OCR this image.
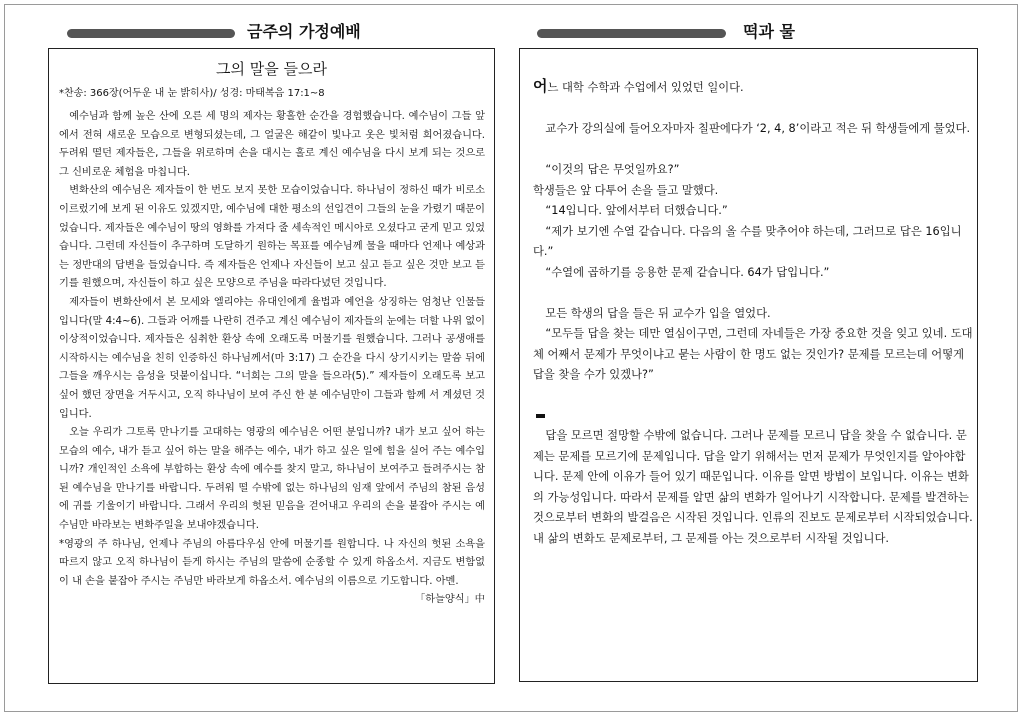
금주의 가정예배	떡과 물
그의 말을 들으라
*찬송: 366장(어두운 내 눈 밝히사)/ 성경: 마태복음 17:1~8

예수님과 함께 높은 산에 오른 세 명의 제자는 황홀한 순간을 경험했습니다. 예수님이 그들 앞에서 전혀 새로운 모습으로 변형되셨는데, 그 얼굴은 해같이 빛나고 옷은 빛처럼 희어졌습니다. 두려워 떨던 제자들은, 그들을 위로하며 손을 대시는 홀로 계신 예수님을 다시 보게 되는 것으로 그 신비로운 체험을 마칩니다.

변화산의 예수님은 제자들이 한 번도 보지 못한 모습이었습니다. 하나님이 정하신 때가 비로소 이르렀기에 보게 된 이유도 있겠지만, 예수님에 대한 평소의 선입견이 그들의 눈을 가렸기 때문이었습니다. 제자들은 예수님이 땅의 영화를 가져다 줄 세속적인 메시아로 오셨다고 굳게 믿고 있었습니다. 그런데 자신들이 추구하며 도달하기 원하는 목표를 예수님께 물을 때마다 언제나 예상과는 정반대의 답변을 들었습니다. 즉 제자들은 언제나 자신들이 보고 싶고 듣고 싶은 것만 보고 듣기를 원했으며, 자신들이 하고 싶은 모양으로 주님을 따라다녔던 것입니다.

제자들이 변화산에서 본 모세와 엘리야는 유대인에게 율법과 예언을 상징하는 엄청난 인물들입니다(말 4:4~6). 그들과 어깨를 나란히 견주고 계신 예수님이 제자들의 눈에는 더할 나위 없이 이상적이었습니다. 제자들은 심취한 환상 속에 오래도록 머물기를 원했습니다. 그러나 공생애를 시작하시는 예수님을 친히 인증하신 하나님께서(마 3:17) 그 순간을 다시 상기시키는 말씀 뒤에 그들을 깨우시는 음성을 덧붙이십니다. “너희는 그의 말을 들으라(5).” 제자들이 오래도록 보고 싶어 했던 장면을 거두시고, 오직 하나님이 보여 주신 한 분 예수님만이 그들과 함께 서 계셨던 것입니다.

오늘 우리가 그토록 만나기를 고대하는 영광의 예수님은 어떤 분입니까? 내가 보고 싶어 하는 모습의 예수, 내가 듣고 싶어 하는 말을 해주는 예수, 내가 하고 싶은 일에 힘을 실어 주는 예수입니까? 개인적인 소욕에 부합하는 환상 속에 예수를 찾지 말고, 하나님이 보여주고 들려주시는 참된 예수님을 만나기를 바랍니다. 두려워 떨 수밖에 없는 하나님의 임재 앞에서 주님의 참된 음성에 귀를 기울이기 바랍니다. 그래서 우리의 헛된 믿음을 걷어내고 우리의 손을 붙잡아 주시는 예수님만 바라보는 변화주일을 보내야겠습니다.

*영광의 주 하나님, 언제나 주님의 아름다우심 안에 머물기를 원합니다. 나 자신의 헛된 소욕을 따르지 않고 오직 하나님이 듣게 하시는 주님의 말씀에 순종할 수 있게 하옵소서. 지금도 변함없이 내 손을 붙잡아 주시는 주님만 바라보게 하옵소서. 예수님의 이름으로 기도합니다. 아멘.
「하늘양식」中

어느 대학 수학과 수업에서 있었던 일이다.

교수가 강의실에 들어오자마자 칠판에다가 ‘2, 4, 8’이라고 적은 뒤 학생들에게 물었다.

“이것의 답은 무엇일까요?”

학생들은 앞 다투어 손을 들고 말했다.

“14입니다. 앞에서부터 더했습니다.”

“제가 보기엔 수열 같습니다. 다음의 올 수를 맞추어야 하는데, 그러므로 답은 16입니다.”

“수열에 곱하기를 응용한 문제 같습니다. 64가 답입니다.”

모든 학생의 답을 들은 뒤 교수가 입을 열었다.

“모두들 답을 찾는 데만 열심이구먼, 그런데 자네들은 가장 중요한 것을 잊고 있네. 도대체 어째서 문제가 무엇이냐고 묻는 사람이 한 명도 없는 것인가? 문제를 모르는데 어떻게 답을 찾을 수가 있겠나?”

답을 모르면 절망할 수밖에 없습니다. 그러나 문제를 모르니 답을 찾을 수 없습니다. 문제는 문제를 모르기에 문제입니다. 답을 알기 위해서는 먼저 문제가 무엇인지를 알아야합니다. 문제 안에 이유가 들어 있기 때문입니다. 이유를 알면 방법이 보입니다. 이유는 변화의 가능성입니다. 따라서 문제를 알면 삶의 변화가 일어나기 시작합니다. 문제를 발견하는 것으로부터 변화의 발걸음은 시작된 것입니다. 인류의 진보도 문제로부터 시작되었습니다. 내 삶의 변화도 문제로부터, 그 문제를 아는 것으로부터 시작될 것입니다.
